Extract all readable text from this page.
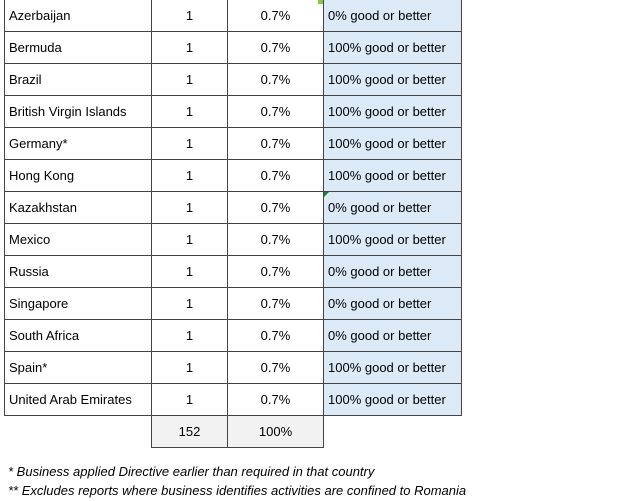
Azerbaijan	1	0.7%	0% good or better
Bermuda	1	0.7%	100% good or better
Brazil	1	0.7%	100% good or better
British Virgin Islands	1	0.7%	100% good or better
Germany*	1	0.7%	100% good or better
Hong Kong	1	0.7%	100% good or better
Kazakhstan	1	0.7%	0% good or better
Mexico	1	0.7%	100% good or better
Russia	1	0.7%	0% good or better
Singapore	1	0.7%	0% good or better
South Africa	1	0.7%	0% good or better
Spain*	1	0.7%	100% good or better
United Arab Emirates	1	0.7%	100% good or better
	152	100%	
* Business applied Directive earlier than required in that country
** Excludes reports where business identifies activities are confined to Romania
